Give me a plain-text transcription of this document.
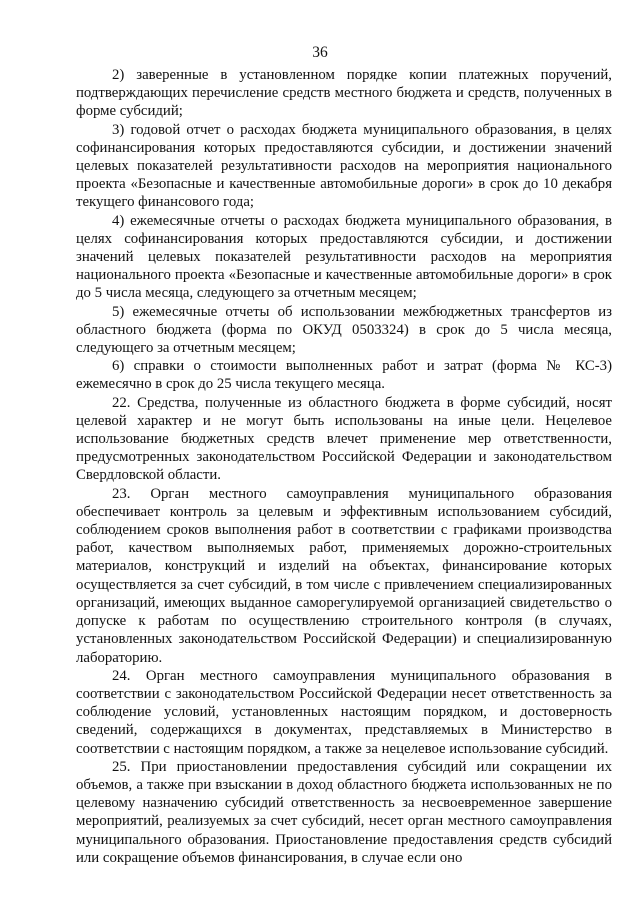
36

2) заверенные в установленном порядке копии платежных поручений, подтверждающих перечисление средств местного бюджета и средств, полученных в форме субсидий;

3) годовой отчет о расходах бюджета муниципального образования, в целях софинансирования которых предоставляются субсидии, и достижении значений целевых показателей результативности расходов на мероприятия национального проекта «Безопасные и качественные автомобильные дороги» в срок до 10 декабря текущего финансового года;

4) ежемесячные отчеты о расходах бюджета муниципального образования, в целях софинансирования которых предоставляются субсидии, и достижении значений целевых показателей результативности расходов на мероприятия национального проекта «Безопасные и качественные автомобильные дороги» в срок до 5 числа месяца, следующего за отчетным месяцем;

5) ежемесячные отчеты об использовании межбюджетных трансфертов из областного бюджета (форма по ОКУД 0503324) в срок до 5 числа месяца, следующего за отчетным месяцем;

6) справки о стоимости выполненных работ и затрат (форма № КС-3) ежемесячно в срок до 25 числа текущего месяца.

22. Средства, полученные из областного бюджета в форме субсидий, носят целевой характер и не могут быть использованы на иные цели. Нецелевое использование бюджетных средств влечет применение мер ответственности, предусмотренных законодательством Российской Федерации и законодательством Свердловской области.

23. Орган местного самоуправления муниципального образования обеспечивает контроль за целевым и эффективным использованием субсидий, соблюдением сроков выполнения работ в соответствии с графиками производства работ, качеством выполняемых работ, применяемых дорожно-строительных материалов, конструкций и изделий на объектах, финансирование которых осуществляется за счет субсидий, в том числе с привлечением специализированных организаций, имеющих выданное саморегулируемой организацией свидетельство о допуске к работам по осуществлению строительного контроля (в случаях, установленных законодательством Российской Федерации) и специализированную лабораторию.

24. Орган местного самоуправления муниципального образования в соответствии с законодательством Российской Федерации несет ответственность за соблюдение условий, установленных настоящим порядком, и достоверность сведений, содержащихся в документах, представляемых в Министерство в соответствии с настоящим порядком, а также за нецелевое использование субсидий.

25. При приостановлении предоставления субсидий или сокращении их объемов, а также при взыскании в доход областного бюджета использованных не по целевому назначению субсидий ответственность за несвоевременное завершение мероприятий, реализуемых за счет субсидий, несет орган местного самоуправления муниципального образования. Приостановление предоставления средств субсидий или сокращение объемов финансирования, в случае если оно
